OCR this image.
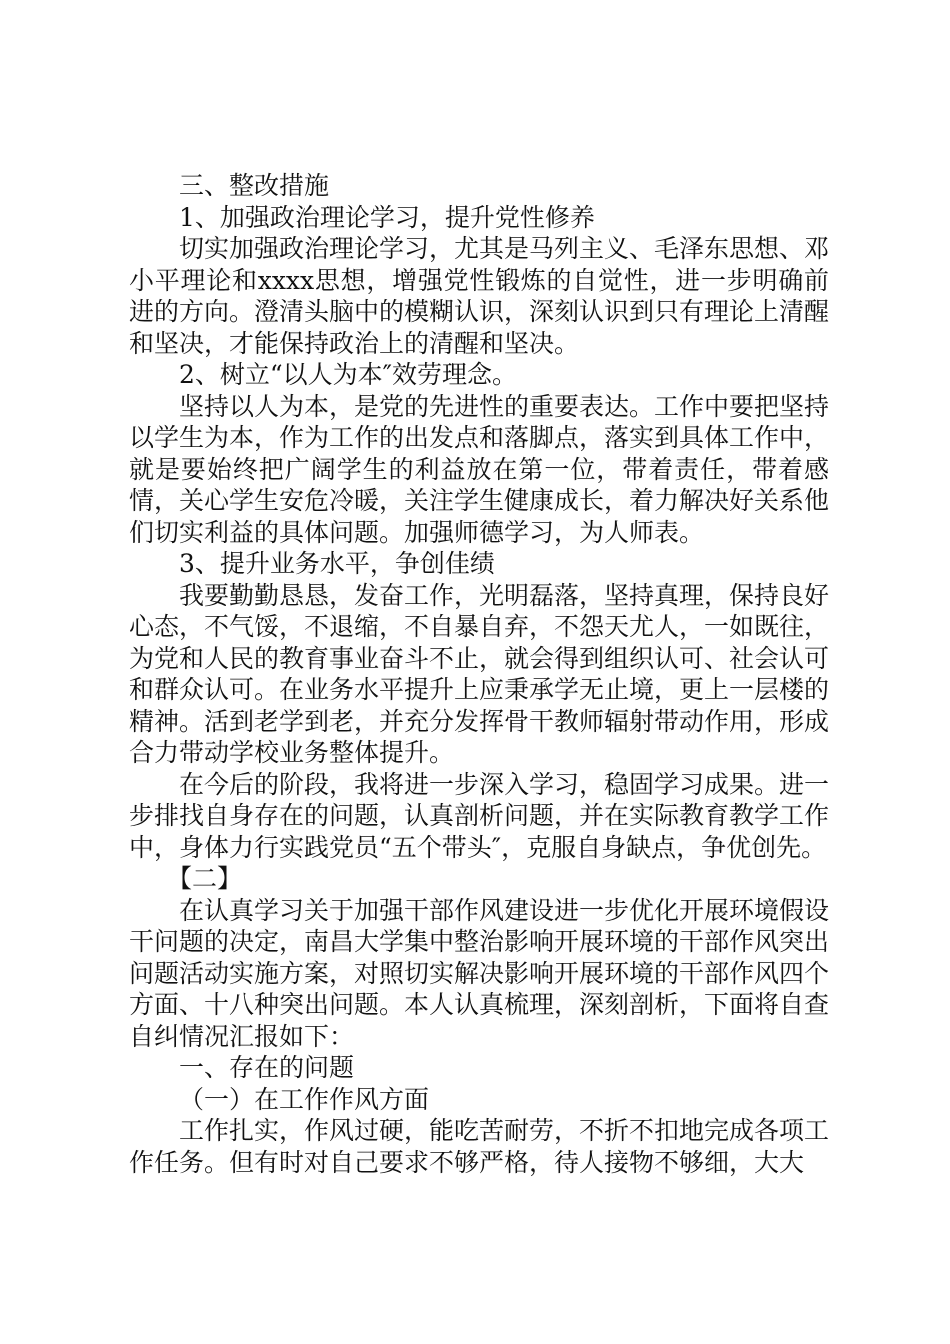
三、整改措施

1、加强政治理论学习，提升党性修养

切实加强政治理论学习，尤其是马列主义、毛泽东思想、邓小平理论和xxxx思想，增强党性锻炼的自觉性，进一步明确前进的方向。澄清头脑中的模糊认识，深刻认识到只有理论上清醒和坚决，才能保持政治上的清醒和坚决。

2、树立“以人为本″效劳理念。

坚持以人为本，是党的先进性的重要表达。工作中要把坚持以学生为本，作为工作的出发点和落脚点，落实到具体工作中，就是要始终把广阔学生的利益放在第一位，带着责任，带着感情，关心学生安危冷暖，关注学生健康成长，着力解决好关系他们切实利益的具体问题。加强师德学习，为人师表。

3、提升业务水平，争创佳绩

我要勤勤恳恳，发奋工作，光明磊落，坚持真理，保持良好心态，不气馁，不退缩，不自暴自弃，不怨天尤人，一如既往，为党和人民的教育事业奋斗不止，就会得到组织认可、社会认可和群众认可。在业务水平提升上应秉承学无止境，更上一层楼的精神。活到老学到老，并充分发挥骨干教师辐射带动作用，形成合力带动学校业务整体提升。

在今后的阶段，我将进一步深入学习，稳固学习成果。进一步排找自身存在的问题，认真剖析问题，并在实际教育教学工作中，身体力行实践党员“五个带头″，克服自身缺点，争优创先。

【二】

在认真学习关于加强干部作风建设进一步优化开展环境假设干问题的决定，南昌大学集中整治影响开展环境的干部作风突出问题活动实施方案，对照切实解决影响开展环境的干部作风四个方面、十八种突出问题。本人认真梳理，深刻剖析，下面将自查自纠情况汇报如下：

一、存在的问题

（一）在工作作风方面

工作扎实，作风过硬，能吃苦耐劳，不折不扣地完成各项工作任务。但有时对自己要求不够严格，待人接物不够细，大大
